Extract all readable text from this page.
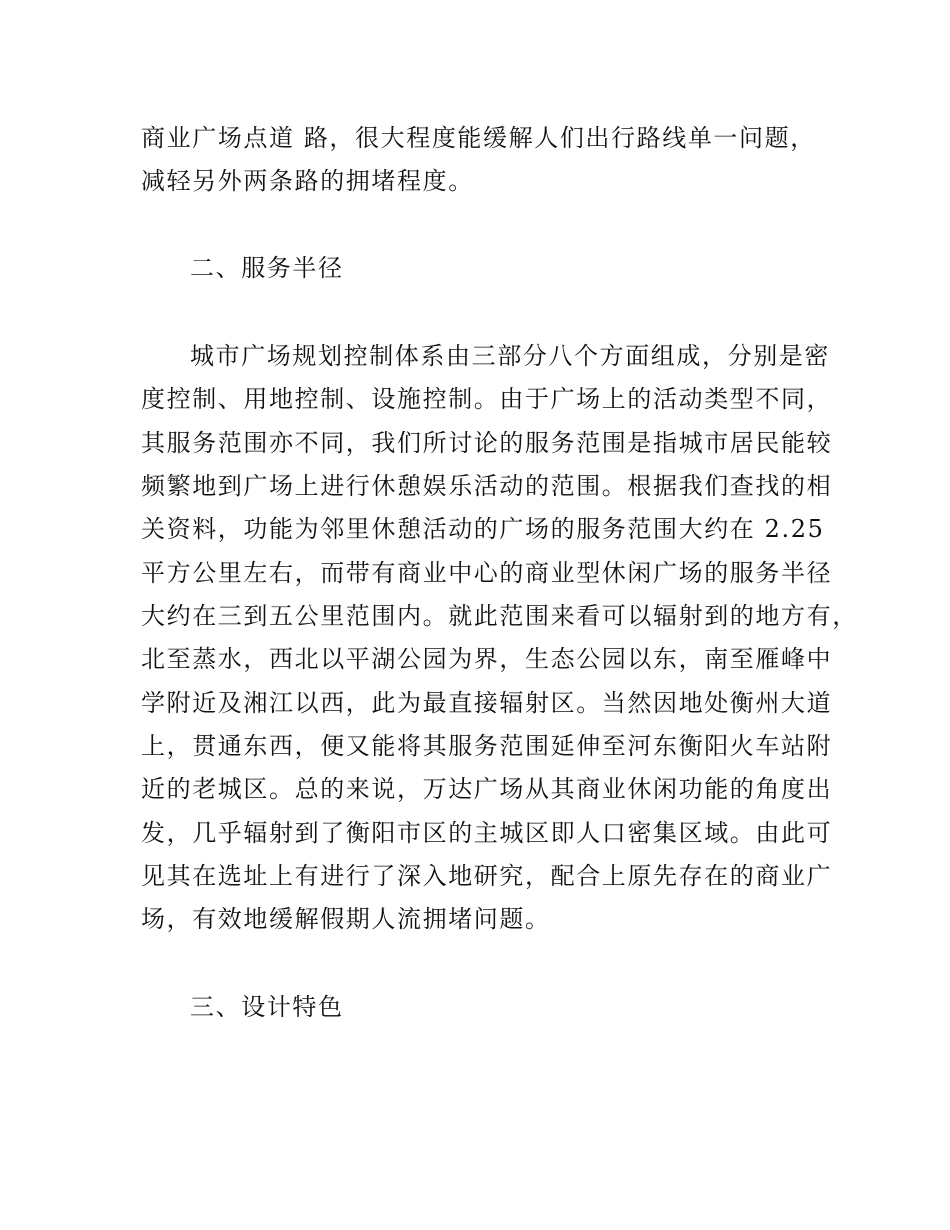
商业广场点道 路，很大程度能缓解人们出行路线单一问题，
减轻另外两条路的拥堵程度。
二、服务半径
城市广场规划控制体系由三部分八个方面组成，分别是密
度控制、用地控制、设施控制。由于广场上的活动类型不同，
其服务范围亦不同，我们所讨论的服务范围是指城市居民能较
频繁地到广场上进行休憩娱乐活动的范围。根据我们查找的相
关资料，功能为邻里休憩活动的广场的服务范围大约在 2.25
平方公里左右，而带有商业中心的商业型休闲广场的服务半径
大约在三到五公里范围内。就此范围来看可以辐射到的地方有，
北至蒸水，西北以平湖公园为界，生态公园以东，南至雁峰中
学附近及湘江以西，此为最直接辐射区。当然因地处衡州大道
上，贯通东西，便又能将其服务范围延伸至河东衡阳火车站附
近的老城区。总的来说，万达广场从其商业休闲功能的角度出
发，几乎辐射到了衡阳市区的主城区即人口密集区域。由此可
见其在选址上有进行了深入地研究，配合上原先存在的商业广
场，有效地缓解假期人流拥堵问题。
三、设计特色
